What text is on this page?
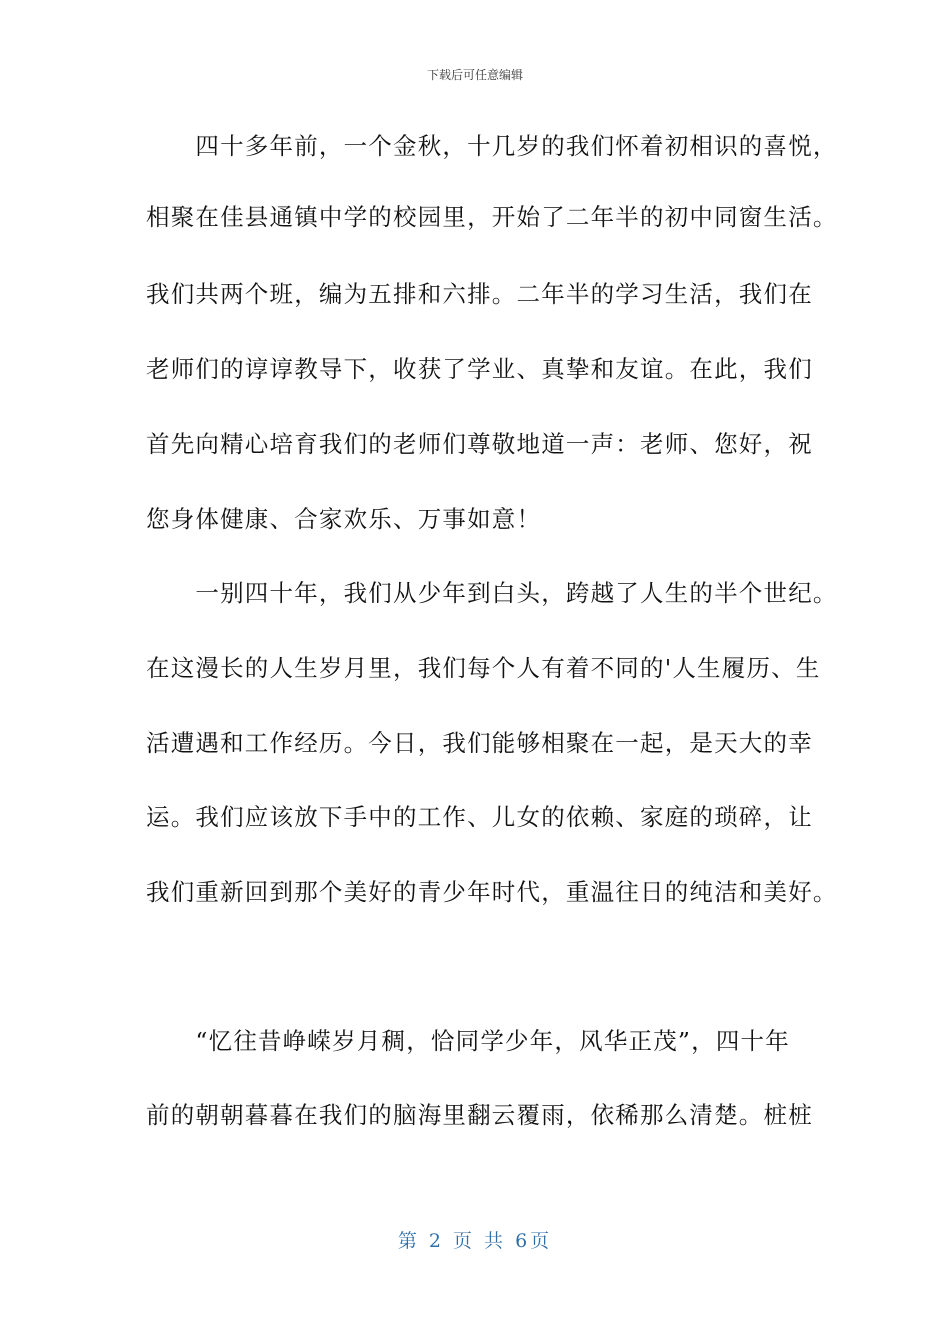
下载后可任意编辑
　　四十多年前，一个金秋，十几岁的我们怀着初相识的喜悦，
相聚在佳县通镇中学的校园里，开始了二年半的初中同窗生活。
我们共两个班，编为五排和六排。二年半的学习生活，我们在
老师们的谆谆教导下，收获了学业、真挚和友谊。在此，我们
首先向精心培育我们的老师们尊敬地道一声：老师、您好，祝
您身体健康、合家欢乐、万事如意！
　　一别四十年，我们从少年到白头，跨越了人生的半个世纪。
在这漫长的人生岁月里，我们每个人有着不同的'人生履历、生
活遭遇和工作经历。今日，我们能够相聚在一起，是天大的幸
运。我们应该放下手中的工作、儿女的依赖、家庭的琐碎，让
我们重新回到那个美好的青少年时代，重温往日的纯洁和美好。
　　“忆往昔峥嵘岁月稠，恰同学少年，风华正茂”，四十年
前的朝朝暮暮在我们的脑海里翻云覆雨，依稀那么清楚。桩桩
第 2 页 共 6页
